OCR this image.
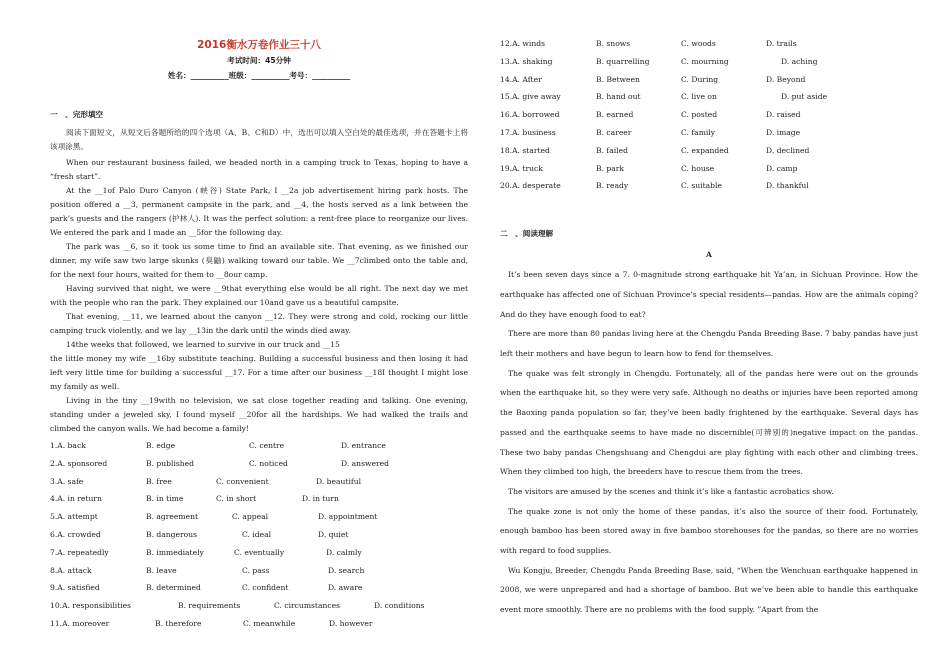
2016衡水万卷作业三十八
考试时间：45分钟
姓名：__________班级：__________考号：__________
一　、完形填空

阅读下面短文，从短文后各题所给的四个选项（A、B、C和D）中，选出可以填入空白处的最佳选项，并在答题卡上将该项涂黑。

When our restaurant business failed, we headed north in a camping truck to Texas, hoping to have a “fresh start”.

At the __1of Palo Duro Canyon (峡谷) State Park, I __2a job advertisement hiring park hosts. The position offered a __3, permanent campsite in the park, and __4, the hosts served as a link between the park’s guests and the rangers (护林人). It was the perfect solution: a rent-free place to reorganize our lives. We entered the park and I made an __5for the following day.

The park was __6, so it took us some time to find an available site. That evening, as we finished our dinner, my wife saw two large skunks (臭鼬) walking toward our table. We __7climbed onto the table and, for the next four hours, waited for them to __8our camp.

Having survived that night, we were __9that everything else would be all right. The next day we met with the people who ran the park. They explained our 10and gave us a beautiful campsite.

That evening, __11, we learned about the canyon __12. They were strong and cold, rocking our little camping truck violently, and we lay __13in the dark until the winds died away.

14the weeks that followed, we learned to survive in our truck and __15

the little money my wife __16by substitute teaching. Building a successful business and then losing it had left very little time for building a successful __17. For a time after our business __18I thought I might lose my family as well.

Living in the tiny __19with no television, we sat close together reading and talking. One evening, standing under a jeweled sky, I found myself __20for all the hardships. We had walked the trails and climbed the canyon walls. We had become a family!

1.A. back	B. edge	C. centre	D. entrance
2.A. sponsored	B. published	C. noticed	D. answered
3.A. safe	B. free	C. convenient	D. beautiful
4.A. in return	B. in time	C. in short	D. in turn
5.A. attempt	B. agreement	C. appeal	D. appointment
6.A. crowded	B. dangerous	C. ideal	D. quiet
7.A. repeatedly	B. immediately	C. eventually	D. calmly
8.A. attack	B. leave	C. pass	D. search
9.A. satisfied	B. determined	C. confident	D. aware
10.A. responsibilities	B. requirements	C. circumstances	D. conditions
11.A. moreover	B. therefore	C. meanwhile	D. however
12.A. winds	B. snows	C. woods	D. trails
13.A. shaking	B. quarrelling	C. mourning	D. aching
14.A. After	B. Between	C. During	D. Beyond
15.A. give away	B. hand out	C. live on	D. put aside
16.A. borrowed	B. earned	C. posted	D. raised
17.A. business	B. career	C. family	D. image
18.A. started	B. failed	C. expanded	D. declined
19.A. truck	B. park	C. house	D. camp
20.A. desperate	B. ready	C. suitable	D. thankful
二　、阅读理解
A

It’s been seven days since a 7. 0-magnitude strong earthquake hit Ya’an, in Sichuan Province. How the earthquake has affected one of Sichuan Province’s special residents—pandas. How are the animals coping? And do they have enough food to eat?

There are more than 80 pandas living here at the Chengdu Panda Breeding Base. 7 baby pandas have just left their mothers and have begun to learn how to fend for themselves.

The quake was felt strongly in Chengdu. Fortunately, all of the pandas here were out on the grounds when the earthquake hit, so they were very safe. Although no deaths or injuries have been reported among the Baoxing panda population so far, they’ve been badly frightened by the earthquake. Several days has passed and the earthquake seems to have made no discernible(可辨别的)negative impact on the pandas. These two baby pandas Chengshuang and Chengdui are play fighting with each other and climbing trees. When they climbed too high, the breeders have to rescue them from the trees.

The visitors are amused by the scenes and think it’s like a fantastic acrobatics show.

The quake zone is not only the home of these pandas, it’s also the source of their food. Fortunately, enough bamboo has been stored away in five bamboo storehouses for the pandas, so there are no worries with regard to food supplies.

Wu Kongju, Breeder, Chengdu Panda Breeding Base, said, “When the Wenchuan earthquake happened in 2008, we were unprepared and had a shortage of bamboo. But we’ve been able to handle this earthquake event more smoothly. There are no problems with the food supply. ”Apart from the
